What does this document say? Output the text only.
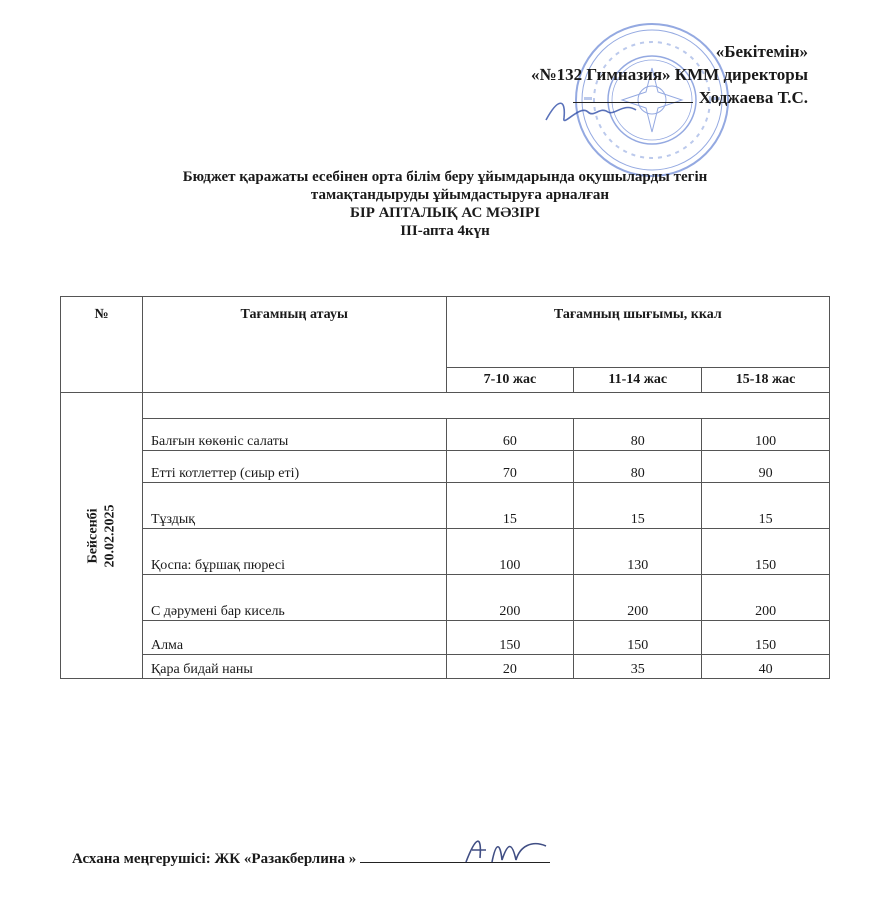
«Бекітемін»
«№132 Гимназия» КММ директоры
Ходжаева Т.С.
Бюджет қаражаты есебінен орта білім беру ұйымдарында оқушыларды тегін
тамақтандыруды ұйымдастыруға арналған
БІР АПТАЛЫҚ АС МӘЗІРІ
ІІІ-апта 4күн
№	Тағамның атауы	Тағамның шығымы, ккал		
		7-10 жас	11-14 жас	15-18 жас
Бейсенбі 20.02.2025				
	Балғын көкөніс салаты	60	80	100
	Етті котлеттер (сиыр еті)	70	80	90
	Тұздық	15	15	15
	Қоспа: бұршақ пюресі	100	130	150
	С дәрумені бар кисель	200	200	200
	Алма	150	150	150
	Қара бидай наны	20	35	40
Асхана меңгерушісі: ЖК «Разакберлина »
